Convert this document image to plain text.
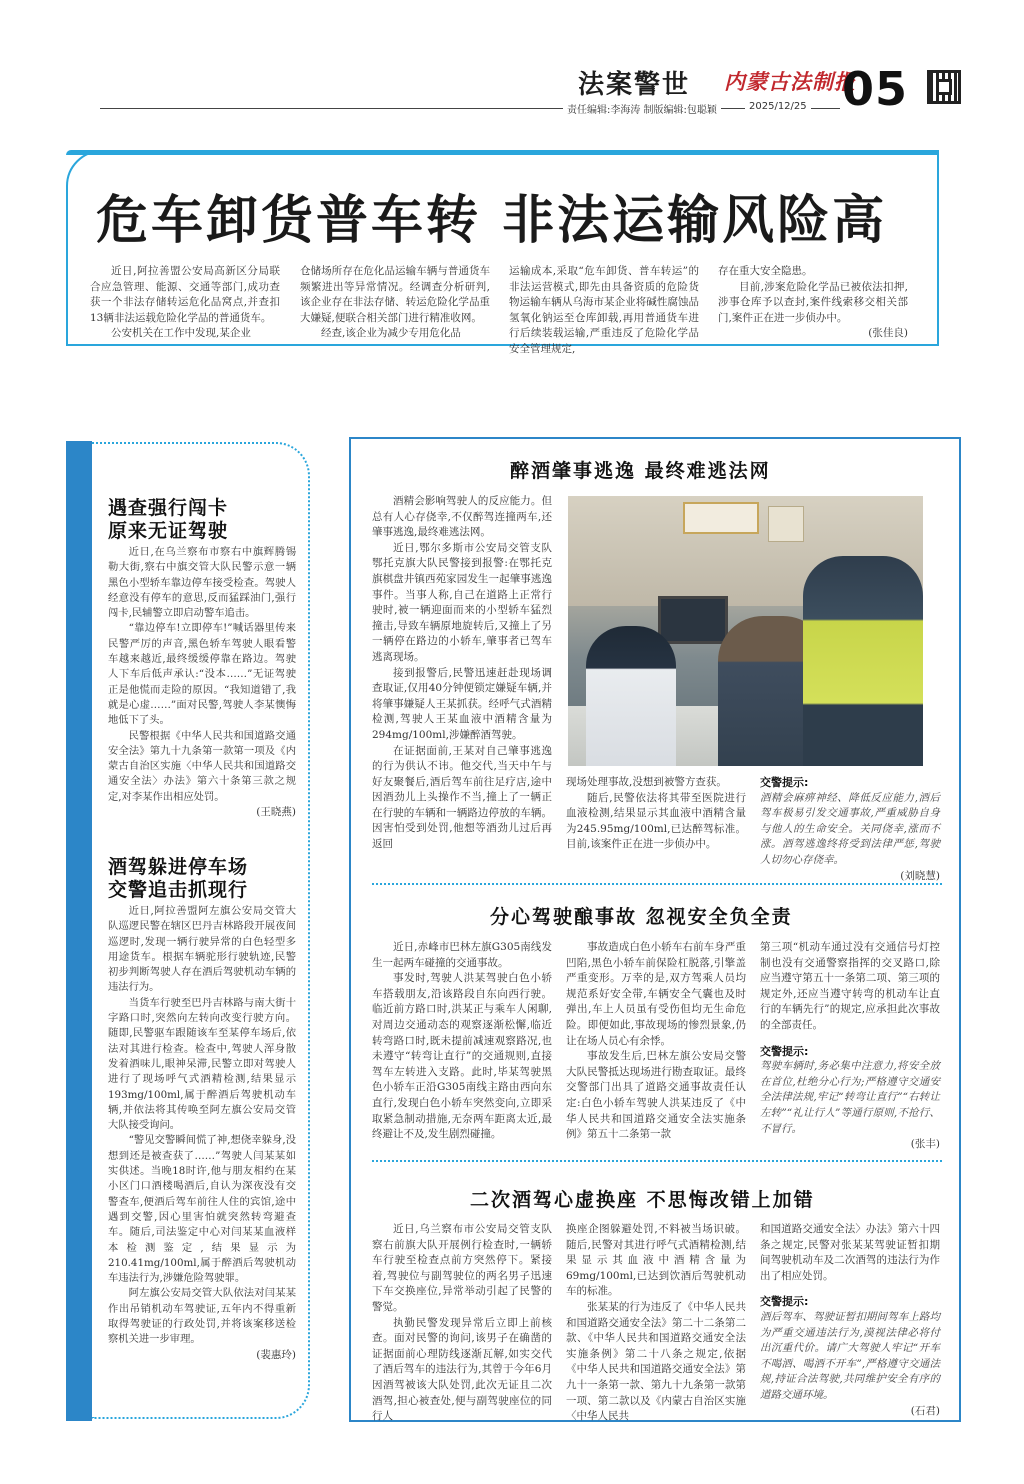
法案警世 内蒙古法制报
05
责任编辑:李海涛 制版编辑:包聪颖	2025/12/25
危车卸货普车转 非法运输风险高

近日,阿拉善盟公安局高新区分局联合应急管理、能源、交通等部门,成功查获一个非法存储转运危化品窝点,并查扣13辆非法运载危险化学品的普通货车。

公安机关在工作中发现,某企业

仓储场所存在危化品运输车辆与普通货车频繁进出等异常情况。经调查分析研判,该企业存在非法存储、转运危险化学品重大嫌疑,便联合相关部门进行精准收网。

经查,该企业为减少专用危化品

运输成本,采取“危车卸货、普车转运”的非法运营模式,即先由具备资质的危险货物运输车辆从乌海市某企业将碱性腐蚀品氢氧化钠运至仓库卸载,再用普通货车进行后续装载运输,严重违反了危险化学品安全管理规定,

存在重大安全隐患。

目前,涉案危险化学品已被依法扣押,涉事仓库予以查封,案件线索移交相关部门,案件正在进一步侦办中。

(张佳良)
遇查强行闯卡
原来无证驾驶

近日,在乌兰察布市察右中旗辉腾锡勒大街,察右中旗交管大队民警示意一辆黑色小型轿车靠边停车接受检查。驾驶人经意没有停车的意思,反而猛踩油门,强行闯卡,民辅警立即启动警车追击。

“靠边停车!立即停车!”喊话器里传来民警严厉的声音,黑色轿车驾驶人眼看警车越来越近,最终缓缓停靠在路边。驾驶人下车后低声承认:“没本……”无证驾驶正是他慌而走险的原因。“我知道错了,我就是心虚……”面对民警,驾驶人李某懊悔地低下了头。

民警根据《中华人民共和国道路交通安全法》第九十九条第一款第一项及《内蒙古自治区实施〈中华人民共和国道路交通安全法〉办法》第六十条第三款之规定,对李某作出相应处罚。

(王晓燕)
酒驾躲进停车场
交警追击抓现行

近日,阿拉善盟阿左旗公安局交管大队巡逻民警在辖区巴丹吉林路段开展夜间巡逻时,发现一辆行驶异常的白色轻型多用途货车。根据车辆驼形行驶轨迹,民警初步判断驾驶人存在酒后驾驶机动车辆的违法行为。

当货车行驶至巴丹吉林路与南大街十字路口时,突然向左转向改变行驶方向。随即,民警驱车跟随该车至某停车场后,依法对其进行检查。检查中,驾驶人浑身散发着酒味儿,眼神呆滞,民警立即对驾驶人进行了现场呼气式酒精检测,结果显示193mg/100ml,属于醉酒后驾驶机动车辆,并依法将其传唤至阿左旗公安局交管大队接受询问。

“警见交警瞬间慌了神,想侥幸躲身,没想到还是被查获了……”驾驶人闫某某如实供述。当晚18时许,他与朋友相约在某小区门口酒楼喝酒后,自认为深夜没有交警查车,便酒后驾车前往人住的宾馆,途中遇到交警,因心里害怕就突然转弯避查车。随后,司法鉴定中心对闫某某血液样本检测鉴定,结果显示为210.41mg/100ml,属于醉酒后驾驶机动车违法行为,涉嫌危险驾驶罪。

阿左旗公安局交管大队依法对闫某某作出吊销机动车驾驶证,五年内不得重新取得驾驶证的行政处罚,并将该案移送检察机关进一步审理。

(裴惠玲)
醉酒肇事逃逸 最终难逃法网

酒精会影响驾驶人的反应能力。但总有人心存侥幸,不仅醉驾连撞两车,还肇事逃逸,最终难逃法网。

近日,鄂尔多斯市公安局交管支队鄂托克旗大队民警接到报警:在鄂托克旗棋盘井镇西苑家园发生一起肇事逃逸事件。当事人称,自己在道路上正常行驶时,被一辆迎面而来的小型轿车猛烈撞击,导致车辆原地旋转后,又撞上了另一辆停在路边的小轿车,肇事者已驾车逃离现场。

接到报警后,民警迅速赶赴现场调查取证,仅用40分钟便锁定嫌疑车辆,并将肇事嫌疑人王某抓获。经呼气式酒精检测,驾驶人王某血液中酒精含量为294mg/100ml,涉嫌醉酒驾驶。

在证据面前,王某对自己肇事逃逸的行为供认不讳。他交代,当天中午与好友聚餐后,酒后驾车前往足疗店,途中因酒劲儿上头操作不当,撞上了一辆正在行驶的车辆和一辆路边停放的车辆。因害怕受到处罚,他想等酒劲儿过后再返回

现场处理事故,没想到被警方查获。

随后,民警依法将其带至医院进行血液检测,结果显示其血液中酒精含量为245.95mg/100ml,已达醉驾标准。目前,该案件正在进一步侦办中。

交警提示:
酒精会麻痹神经、降低反应能力,酒后驾车极易引发交通事故,严重威胁自身与他人的生命安全。关同侥幸,涨而不涨。酒驾逃逸终将受到法律严惩,驾驶人切勿心存侥幸。
(刘晓慧)
分心驾驶酿事故 忽视安全负全责

近日,赤峰市巴林左旗G305南线发生一起两车碰撞的交通事故。

事发时,驾驶人洪某驾驶白色小轿车搭载朋友,沿该路段自东向西行驶。临近前方路口时,洪某正与乘车人闲聊,对周边交通动态的观察逐渐松懈,临近转弯路口时,既未提前减速观察路况,也未遵守“转弯让直行”的交通规则,直接驾车左转进入支路。此时,毕某驾驶黑色小轿车正沿G305南线主路由西向东直行,发现白色小轿车突然变向,立即采取紧急制动措施,无奈两车距离太近,最终避让不及,发生剧烈碰撞。

事故造成白色小轿车右前车身严重凹陷,黑色小轿车前保险杠脱落,引擎盖严重变形。万幸的是,双方驾乘人员均规范系好安全带,车辆安全气囊也及时弹出,车上人员虽有受伤但均无生命危险。即便如此,事故现场的惨烈景象,仍让在场人员心有余悸。

事故发生后,巴林左旗公安局交警大队民警抵达现场进行勘查取证。最终交警部门出具了道路交通事故责任认定:白色小轿车驾驶人洪某违反了《中华人民共和国道路交通安全法实施条例》第五十二条第一款

第三项“机动车通过没有交通信号灯控制也没有交通警察指挥的交叉路口,除应当遵守第五十一条第二项、第三项的规定外,还应当遵守转弯的机动车让直行的车辆先行”的规定,应承担此次事故的全部责任。

交警提示:
驾驶车辆时,务必集中注意力,将安全放在首位,杜绝分心行为;严格遵守交通安全法律法规,牢记“转弯让直行”“右转让左转”“礼让行人”等通行原则,不抢行、不冒行。
(张丰)
二次酒驾心虚换座 不思悔改错上加错

近日,乌兰察布市公安局交管支队察右前旗大队开展例行检查时,一辆轿车行驶至检查点前方突然停下。紧接着,驾驶位与副驾驶位的两名男子迅速下车交换座位,异常举动引起了民警的警觉。

执勤民警发现异常后立即上前核查。面对民警的询问,该男子在确凿的证据面前心理防线逐渐瓦解,如实交代了酒后驾车的违法行为,其曾于今年6月因酒驾被该大队处罚,此次无证且二次酒驾,担心被查处,便与副驾驶座位的同行人

换座企图躲避处罚,不料被当场识破。随后,民警对其进行呼气式酒精检测,结果显示其血液中酒精含量为69mg/100ml,已达到饮酒后驾驶机动车的标准。

张某某的行为违反了《中华人民共和国道路交通安全法》第二十二条第二款、《中华人民共和国道路交通安全法实施条例》第二十八条之规定,依据《中华人民共和国道路交通安全法》第九十一条第一款、第九十九条第一款第一项、第二款以及《内蒙古自治区实施〈中华人民共

和国道路交通安全法〉办法》第六十四条之规定,民警对张某某驾驶证暂扣期间驾驶机动车及二次酒驾的违法行为作出了相应处罚。

交警提示:
酒后驾车、驾驶证暂扣期间驾车上路均为严重交通违法行为,漠视法律必将付出沉重代价。请广大驾驶人牢记“开车不喝酒、喝酒不开车”,严格遵守交通法规,持证合法驾驶,共同维护安全有序的道路交通环境。
(石君)
